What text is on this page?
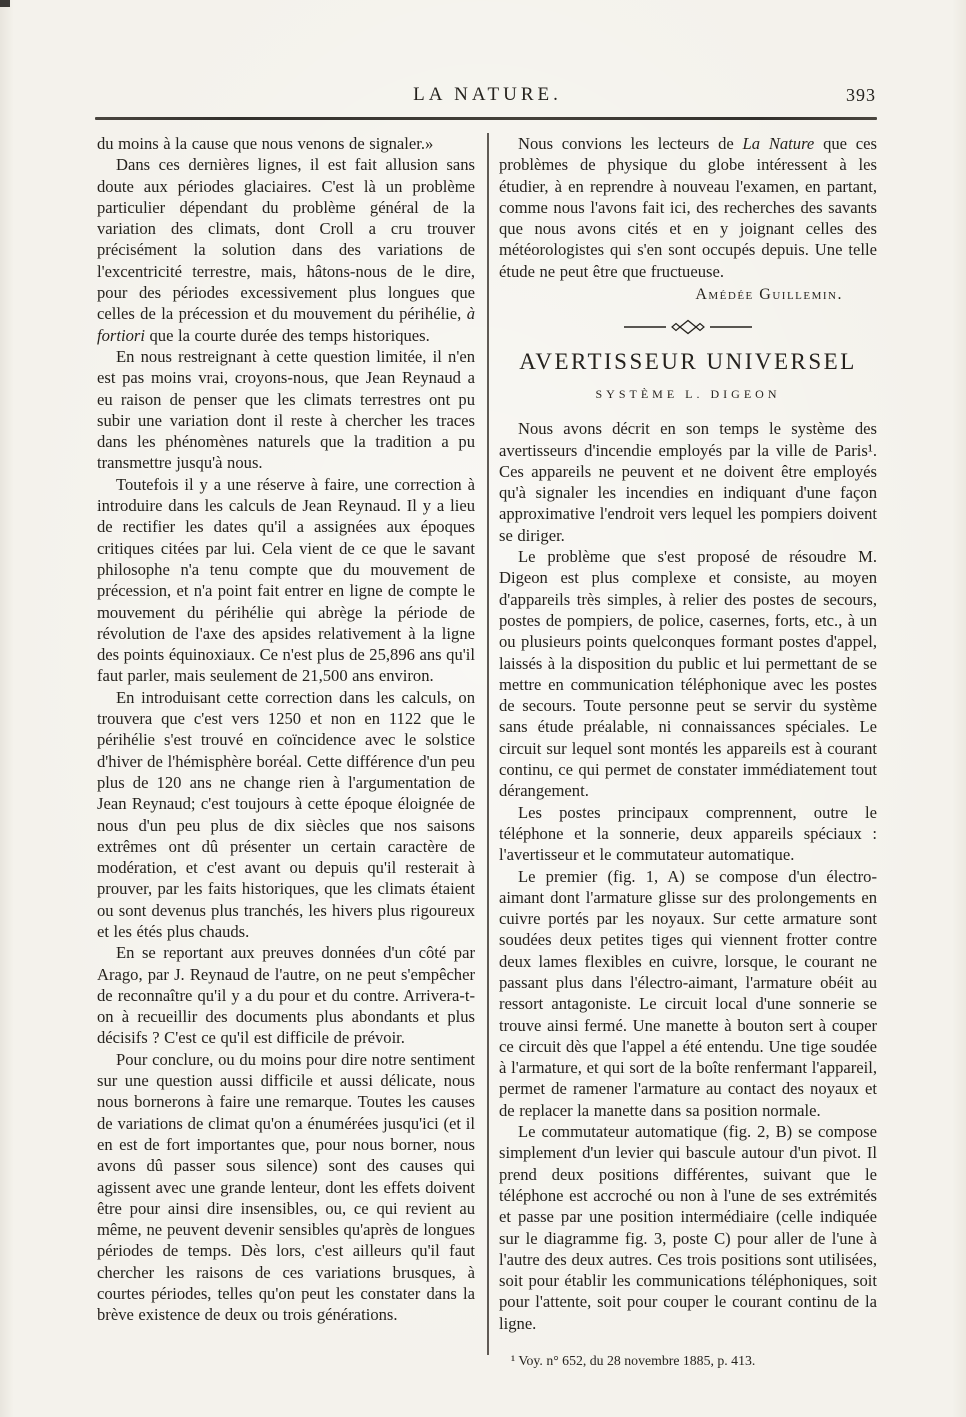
LA NATURE.	393

du moins à la cause que nous venons de signaler.»

Dans ces dernières lignes, il est fait allusion sans doute aux périodes glaciaires. C'est là un problème particulier dépendant du problème général de la variation des climats, dont Croll a cru trouver précisément la solution dans des variations de l'excentricité terrestre, mais, hâtons-nous de le dire, pour des périodes excessivement plus longues que celles de la précession et du mouvement du périhélie, à fortiori que la courte durée des temps historiques.

En nous restreignant à cette question limitée, il n'en est pas moins vrai, croyons-nous, que Jean Reynaud a eu raison de penser que les climats terrestres ont pu subir une variation dont il reste à chercher les traces dans les phénomènes naturels que la tradition a pu transmettre jusqu'à nous.

Toutefois il y a une réserve à faire, une correction à introduire dans les calculs de Jean Reynaud. Il y a lieu de rectifier les dates qu'il a assignées aux époques critiques citées par lui. Cela vient de ce que le savant philosophe n'a tenu compte que du mouvement de précession, et n'a point fait entrer en ligne de compte le mouvement du périhélie qui abrège la période de révolution de l'axe des apsides relativement à la ligne des points équinoxiaux. Ce n'est plus de 25,896 ans qu'il faut parler, mais seulement de 21,500 ans environ.

En introduisant cette correction dans les calculs, on trouvera que c'est vers 1250 et non en 1122 que le périhélie s'est trouvé en coïncidence avec le solstice d'hiver de l'hémisphère boréal. Cette différence d'un peu plus de 120 ans ne change rien à l'argumentation de Jean Reynaud; c'est toujours à cette époque éloignée de nous d'un peu plus de dix siècles que nos saisons extrêmes ont dû présenter un certain caractère de modération, et c'est avant ou depuis qu'il resterait à prouver, par les faits historiques, que les climats étaient ou sont devenus plus tranchés, les hivers plus rigoureux et les étés plus chauds.

En se reportant aux preuves données d'un côté par Arago, par J. Reynaud de l'autre, on ne peut s'empêcher de reconnaître qu'il y a du pour et du contre. Arrivera-t-on à recueillir des documents plus abondants et plus décisifs ? C'est ce qu'il est difficile de prévoir.

Pour conclure, ou du moins pour dire notre sentiment sur une question aussi difficile et aussi délicate, nous nous bornerons à faire une remarque. Toutes les causes de variations de climat qu'on a énumérées jusqu'ici (et il en est de fort importantes que, pour nous borner, nous avons dû passer sous silence) sont des causes qui agissent avec une grande lenteur, dont les effets doivent être pour ainsi dire insensibles, ou, ce qui revient au même, ne peuvent devenir sensibles qu'après de longues périodes de temps. Dès lors, c'est ailleurs qu'il faut chercher les raisons de ces variations brusques, à courtes périodes, telles qu'on peut les constater dans la brève existence de deux ou trois générations.

Nous convions les lecteurs de La Nature que ces problèmes de physique du globe intéressent à les étudier, à en reprendre à nouveau l'examen, en partant, comme nous l'avons fait ici, des recherches des savants que nous avons cités et en y joignant celles des météorologistes qui s'en sont occupés depuis. Une telle étude ne peut être que fructueuse.

Amédée Guillemin.
AVERTISSEUR UNIVERSEL
SYSTÈME L. DIGEON

Nous avons décrit en son temps le système des avertisseurs d'incendie employés par la ville de Paris¹. Ces appareils ne peuvent et ne doivent être employés qu'à signaler les incendies en indiquant d'une façon approximative l'endroit vers lequel les pompiers doivent se diriger.

Le problème que s'est proposé de résoudre M. Digeon est plus complexe et consiste, au moyen d'appareils très simples, à relier des postes de secours, postes de pompiers, de police, casernes, forts, etc., à un ou plusieurs points quelconques formant postes d'appel, laissés à la disposition du public et lui permettant de se mettre en communication téléphonique avec les postes de secours. Toute personne peut se servir du système sans étude préalable, ni connaissances spéciales. Le circuit sur lequel sont montés les appareils est à courant continu, ce qui permet de constater immédiatement tout dérangement.

Les postes principaux comprennent, outre le téléphone et la sonnerie, deux appareils spéciaux : l'avertisseur et le commutateur automatique.

Le premier (fig. 1, A) se compose d'un électro-aimant dont l'armature glisse sur des prolongements en cuivre portés par les noyaux. Sur cette armature sont soudées deux petites tiges qui viennent frotter contre deux lames flexibles en cuivre, lorsque, le courant ne passant plus dans l'électro-aimant, l'armature obéit au ressort antagoniste. Le circuit local d'une sonnerie se trouve ainsi fermé. Une manette à bouton sert à couper ce circuit dès que l'appel a été entendu. Une tige soudée à l'armature, et qui sort de la boîte renfermant l'appareil, permet de ramener l'armature au contact des noyaux et de replacer la manette dans sa position normale.

Le commutateur automatique (fig. 2, B) se compose simplement d'un levier qui bascule autour d'un pivot. Il prend deux positions différentes, suivant que le téléphone est accroché ou non à l'une de ses extrémités et passe par une position intermédiaire (celle indiquée sur le diagramme fig. 3, poste C) pour aller de l'une à l'autre des deux autres. Ces trois positions sont utilisées, soit pour établir les communications téléphoniques, soit pour l'attente, soit pour couper le courant continu de la ligne.

¹ Voy. n° 652, du 28 novembre 1885, p. 413.
